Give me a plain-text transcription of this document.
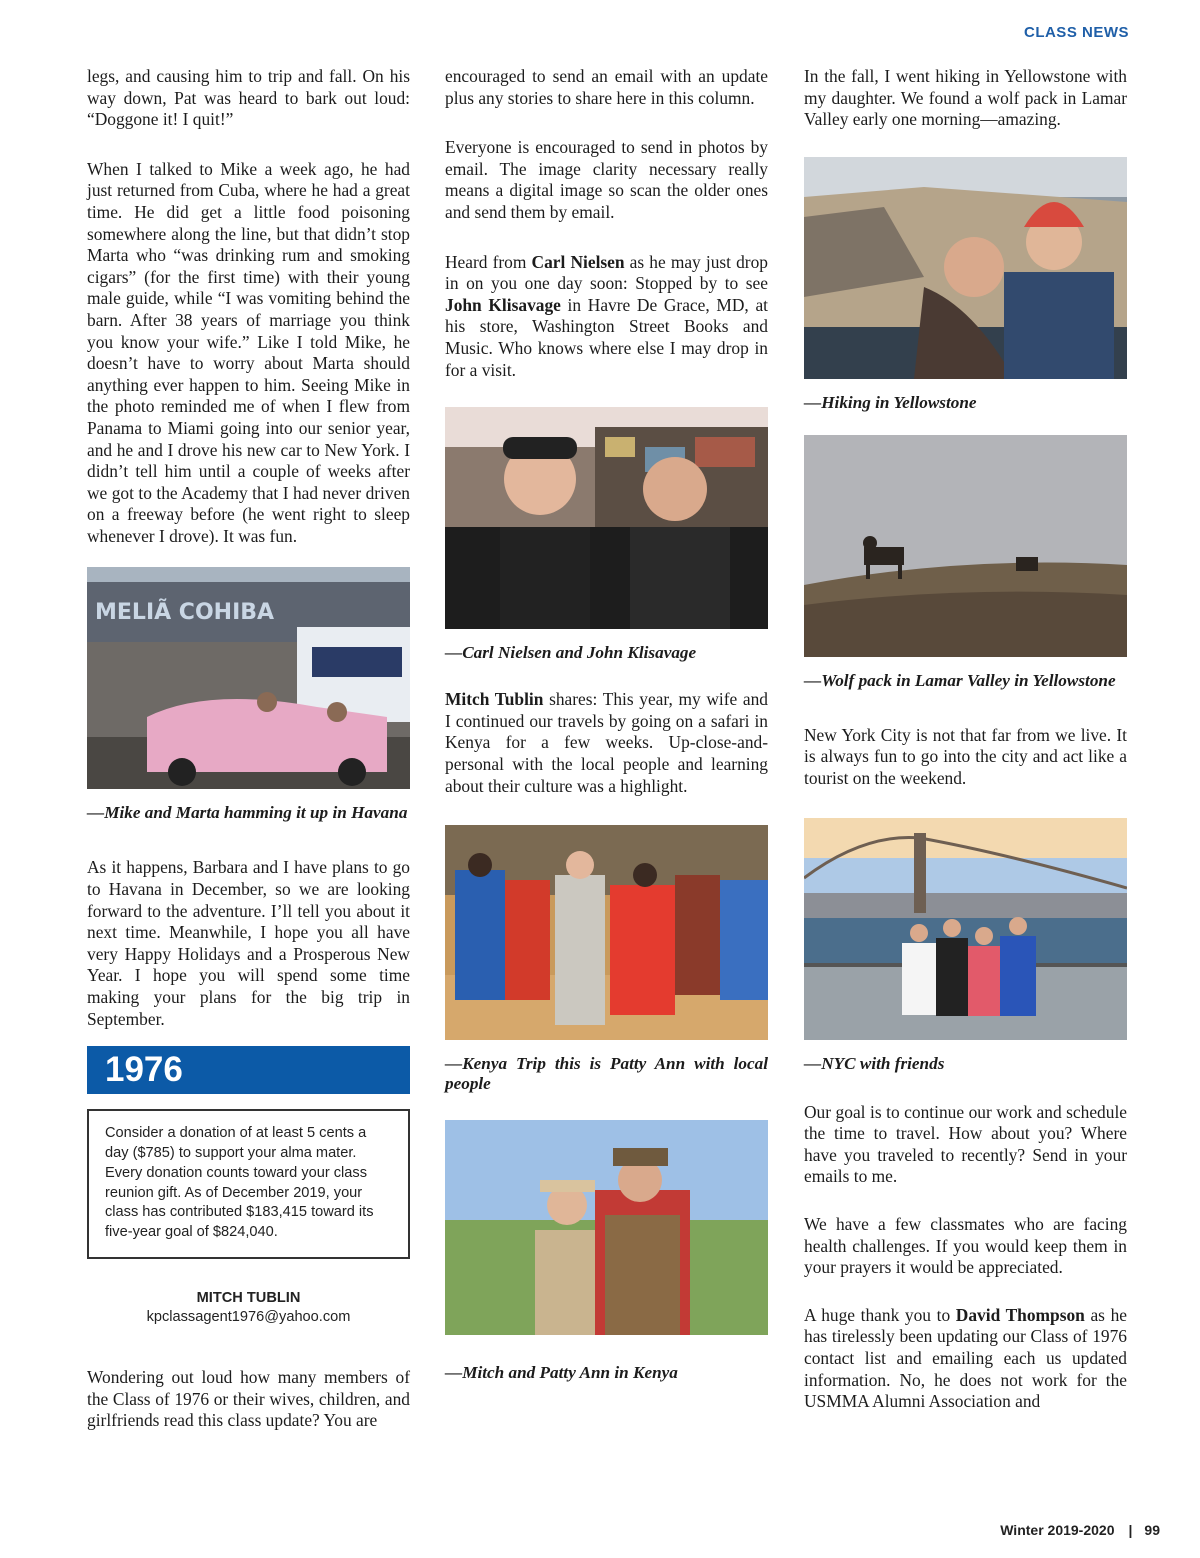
CLASS NEWS

legs, and causing him to trip and fall. On his way down, Pat was heard to bark out loud: “Doggone it! I quit!”

When I talked to Mike a week ago, he had just returned from Cuba, where he had a great time. He did get a little food poisoning somewhere along the line, but that didn’t stop Marta who “was drinking rum and smoking cigars” (for the first time) with their young male guide, while “I was vomiting behind the barn. After 38 years of marriage you think you know your wife.” Like I told Mike, he doesn’t have to worry about Marta should anything ever happen to him. Seeing Mike in the photo reminded me of when I flew from Panama to Miami going into our senior year, and he and I drove his new car to New York. I didn’t tell him until a couple of weeks after we got to the Academy that I had never driven on a freeway before (he went right to sleep whenever I drove). It was fun.

MELIÃ COHIBA

—Mike and Marta hamming it up in Havana

As it happens, Barbara and I have plans to go to Havana in December, so we are looking forward to the adventure. I’ll tell you about it next time. Meanwhile, I hope you all have very Happy Holidays and a Prosperous New Year. I hope you will spend some time making your plans for the big trip in September.

1976
Consider a donation of at least 5 cents a day ($785) to support your alma mater. Every donation counts toward your class reunion gift. As of December 2019, your class has contributed $183,415 toward its five-year goal of $824,040.
MITCH TUBLIN
kpclassagent1976@yahoo.com

Wondering out loud how many members of the Class of 1976 or their wives, children, and girlfriends read this class update? You are

encouraged to send an email with an update plus any stories to share here in this column.

Everyone is encouraged to send in photos by email. The image clarity necessary really means a digital image so scan the older ones and send them by email.

Heard from Carl Nielsen as he may just drop in on you one day soon: Stopped by to see John Klisavage in Havre De Grace, MD, at his store, Washington Street Books and Music. Who knows where else I may drop in for a visit.

—Carl Nielsen and John Klisavage

Mitch Tublin shares: This year, my wife and I continued our travels by going on a safari in Kenya for a few weeks. Up-close-and-personal with the local people and learning about their culture was a highlight.

—Kenya Trip this is Patty Ann with local people

—Mitch and Patty Ann in Kenya

In the fall, I went hiking in Yellowstone with my daughter. We found a wolf pack in Lamar Valley early one morning—amazing.

—Hiking in Yellowstone

—Wolf pack in Lamar Valley in Yellowstone

New York City is not that far from we live. It is always fun to go into the city and act like a tourist on the weekend.

—NYC with friends

Our goal is to continue our work and schedule the time to travel. How about you? Where have you traveled to recently? Send in your emails to me.

We have a few classmates who are facing health challenges. If you would keep them in your prayers it would be appreciated.

A huge thank you to David Thompson as he has tirelessly been updating our Class of 1976 contact list and emailing each us updated information. No, he does not work for the USMMA Alumni Association and

Winter 2019-2020 | 99
